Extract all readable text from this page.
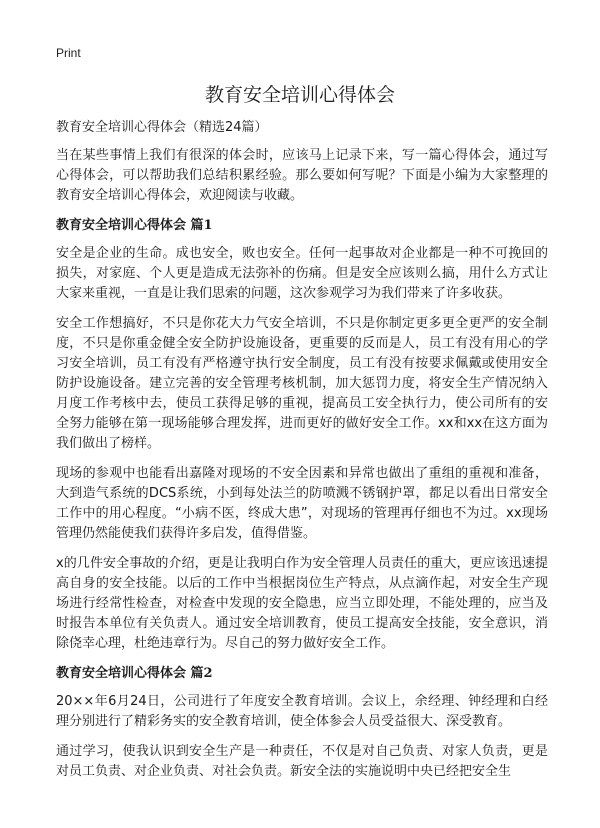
Print
教育安全培训心得体会

教育安全培训心得体会（精选24篇）

当在某些事情上我们有很深的体会时，应该马上记录下来，写一篇心得体会，通过写心得体会，可以帮助我们总结积累经验。那么要如何写呢？下面是小编为大家整理的教育安全培训心得体会，欢迎阅读与收藏。

教育安全培训心得体会 篇1

安全是企业的生命。成也安全，败也安全。任何一起事故对企业都是一种不可挽回的损失，对家庭、个人更是造成无法弥补的伤痛。但是安全应该则么搞，用什么方式让大家来重视，一直是让我们思索的问题，这次参观学习为我们带来了许多收获。

安全工作想搞好，不只是你花大力气安全培训，不只是你制定更多更全更严的安全制度，不只是你重金健全安全防护设施设备，更重要的反而是人，员工有没有用心的学习安全培训，员工有没有严格遵守执行安全制度，员工有没有按要求佩戴或使用安全防护设施设备。建立完善的安全管理考核机制，加大惩罚力度，将安全生产情况纳入月度工作考核中去，使员工获得足够的重视，提高员工安全执行力，使公司所有的安全努力能够在第一现场能够合理发挥，进而更好的做好安全工作。xx和xx在这方面为我们做出了榜样。

现场的参观中也能看出嘉隆对现场的不安全因素和异常也做出了重组的重视和准备，大到造气系统的DCS系统，小到每处法兰的防喷溅不锈钢护罩，都足以看出日常安全工作中的用心程度。“小病不医，终成大患”，对现场的管理再仔细也不为过。xx现场管理仍然能使我们获得许多启发，值得借鉴。

x的几件安全事故的介绍，更是让我明白作为安全管理人员责任的重大，更应该迅速提高自身的安全技能。以后的工作中当根据岗位生产特点，从点滴作起，对安全生产现场进行经常性检查，对检查中发现的安全隐患，应当立即处理，不能处理的，应当及时报告本单位有关负责人。通过安全培训教育，使员工提高安全技能，安全意识，消除侥幸心理，杜绝违章行为。尽自己的努力做好安全工作。

教育安全培训心得体会 篇2

20××年6月24日，公司进行了年度安全教育培训。会议上，余经理、钟经理和白经理分别进行了精彩务实的安全教育培训，使全体参会人员受益很大、深受教育。

通过学习，使我认识到安全生产是一种责任，不仅是对自己负责、对家人负责，更是对员工负责、对企业负责、对社会负责。新安全法的实施说明中央已经把安全生
